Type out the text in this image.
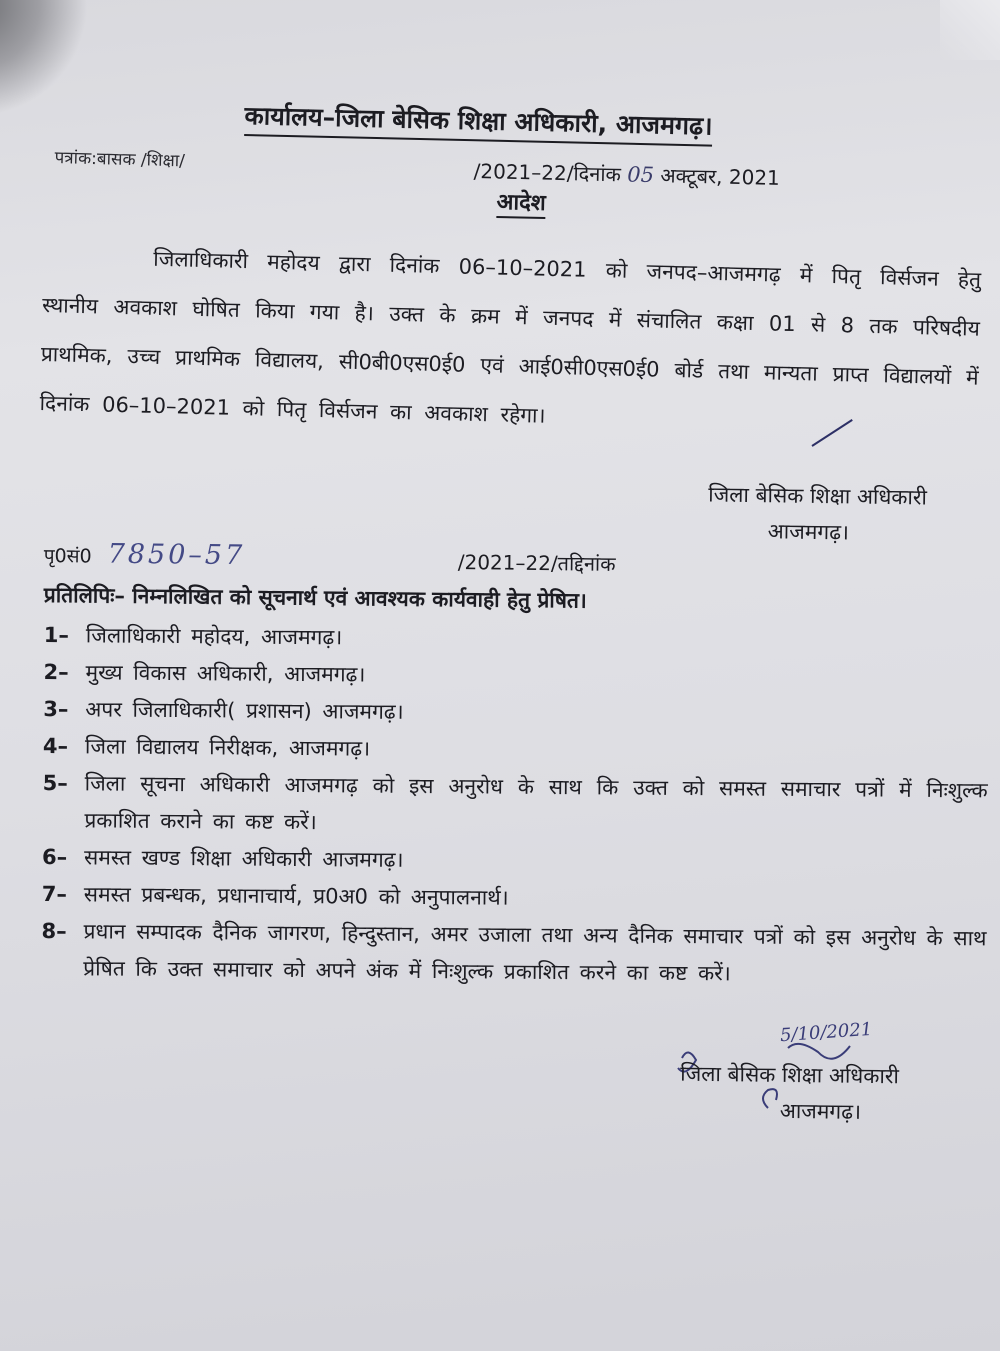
कार्यालय–जिला बेसिक शिक्षा अधिकारी, आजमगढ़।
पत्रांक:बासक /शिक्षा/	/2021–22/दिनांक 05 अक्टूबर, 2021
आदेश
जिलाधिकारी महोदय द्वारा दिनांक 06–10–2021 को जनपद–आजमगढ़ में पितृ विर्सजन हेतु स्थानीय अवकाश घोषित किया गया है। उक्त के क्रम में जनपद में संचालित कक्षा 01 से 8 तक परिषदीय प्राथमिक, उच्च प्राथमिक विद्यालय, सी0बी0एस0ई0 एवं आई0सी0एस0ई0 बोर्ड तथा मान्यता प्राप्त विद्यालयों में दिनांक 06–10–2021 को पितृ विर्सजन का अवकाश रहेगा।
जिला बेसिक शिक्षा अधिकारी
आजमगढ़।
पृ0सं0 7850–57	/2021–22/तद्दिनांक
प्रतिलिपिः– निम्नलिखित को सूचनार्थ एवं आवश्यक कार्यवाही हेतु प्रेषित।
1– जिलाधिकारी महोदय, आजमगढ़।
2– मुख्य विकास अधिकारी, आजमगढ़।
3– अपर जिलाधिकारी( प्रशासन) आजमगढ़।
4– जिला विद्यालय निरीक्षक, आजमगढ़।
5– जिला सूचना अधिकारी आजमगढ़ को इस अनुरोध के साथ कि उक्त को समस्त समाचार पत्रों में निःशुल्क प्रकाशित कराने का कष्ट करें।
6– समस्त खण्ड शिक्षा अधिकारी आजमगढ़।
7– समस्त प्रबन्धक, प्रधानाचार्य, प्र0अ0 को अनुपालनार्थ।
8– प्रधान सम्पादक दैनिक जागरण, हिन्दुस्तान, अमर उजाला तथा अन्य दैनिक समाचार पत्रों को इस अनुरोध के साथ प्रेषित कि उक्त समाचार को अपने अंक में निःशुल्क प्रकाशित करने का कष्ट करें।
5/10/2021
जिला बेसिक शिक्षा अधिकारी
आजमगढ़।
